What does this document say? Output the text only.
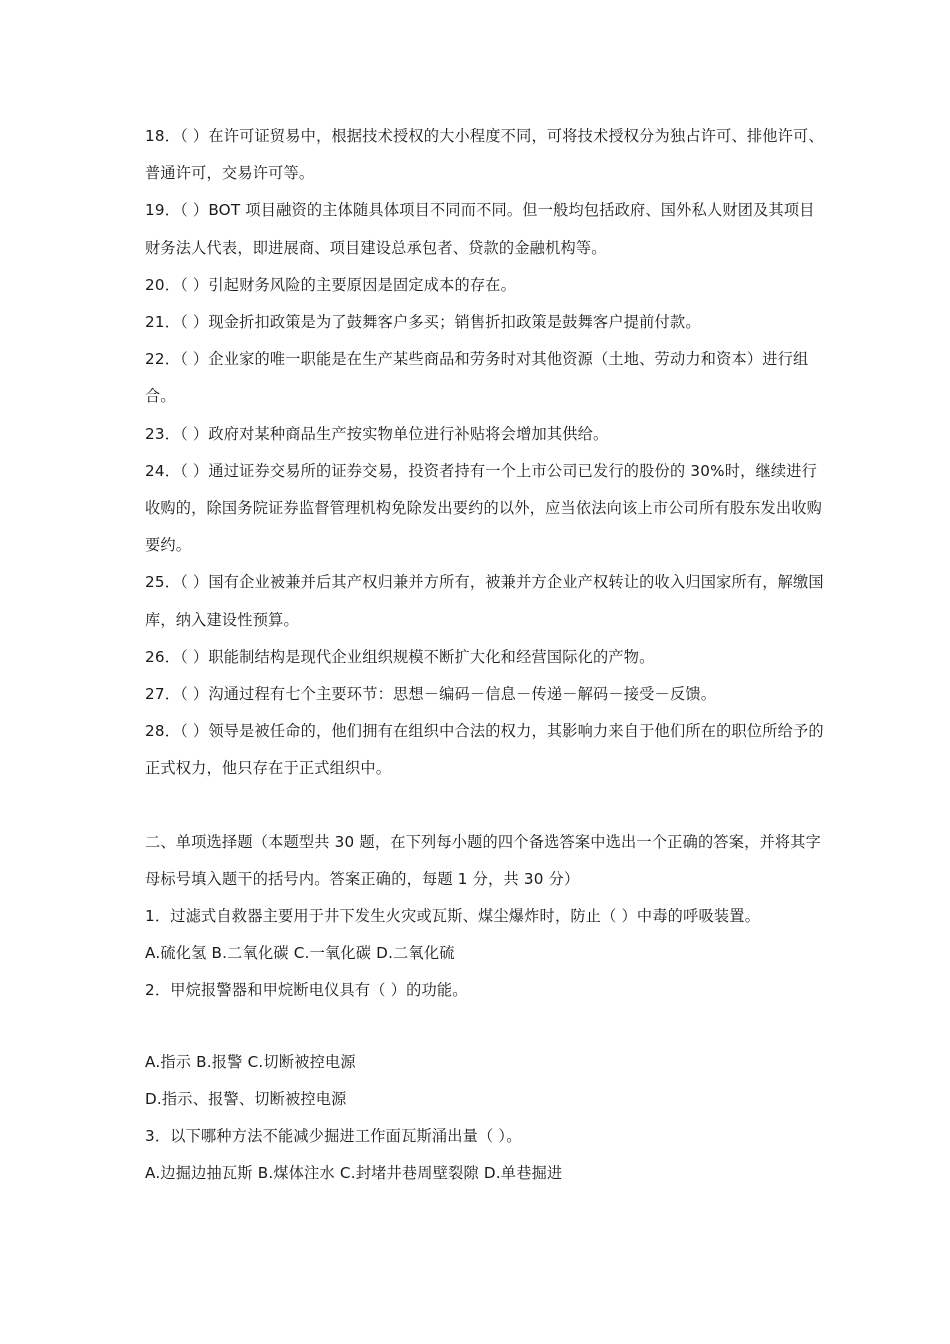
18．（ ）在许可证贸易中，根据技术授权的大小程度不同，可将技术授权分为独占许可、排他许可、普通许可，交易许可等。

19．（ ）BOT 项目融资的主体随具体项目不同而不同。但一般均包括政府、国外私人财团及其项目财务法人代表，即进展商、项目建设总承包者、贷款的金融机构等。

20．（ ）引起财务风险的主要原因是固定成本的存在。

21．（ ）现金折扣政策是为了鼓舞客户多买；销售折扣政策是鼓舞客户提前付款。

22．（ ）企业家的唯一职能是在生产某些商品和劳务时对其他资源（土地、劳动力和资本）进行组合。

23．（ ）政府对某种商品生产按实物单位进行补贴将会增加其供给。

24．（ ）通过证券交易所的证券交易，投资者持有一个上市公司已发行的股份的 30%时，继续进行收购的，除国务院证券监督管理机构免除发出要约的以外，应当依法向该上市公司所有股东发出收购要约。

25．（ ）国有企业被兼并后其产权归兼并方所有，被兼并方企业产权转让的收入归国家所有，解缴国库，纳入建设性预算。

26．（ ）职能制结构是现代企业组织规模不断扩大化和经营国际化的产物。

27．（ ）沟通过程有七个主要环节：思想－编码－信息－传递－解码－接受－反馈。

28．（ ）领导是被任命的，他们拥有在组织中合法的权力，其影响力来自于他们所在的职位所给予的正式权力，他只存在于正式组织中。

二、单项选择题（本题型共 30 题，在下列每小题的四个备选答案中选出一个正确的答案，并将其字母标号填入题干的括号内。答案正确的，每题 1 分，共 30 分）

1．过滤式自救器主要用于井下发生火灾或瓦斯、煤尘爆炸时，防止（ ）中毒的呼吸装置。

A.硫化氢 B.二氧化碳 C.一氧化碳 D.二氧化硫

2．甲烷报警器和甲烷断电仪具有（ ）的功能。

A.指示 B.报警 C.切断被控电源

D.指示、报警、切断被控电源

3．以下哪种方法不能减少掘进工作面瓦斯涌出量（ ）。

A.边掘边抽瓦斯 B.煤体注水 C.封堵井巷周壁裂隙 D.单巷掘进
